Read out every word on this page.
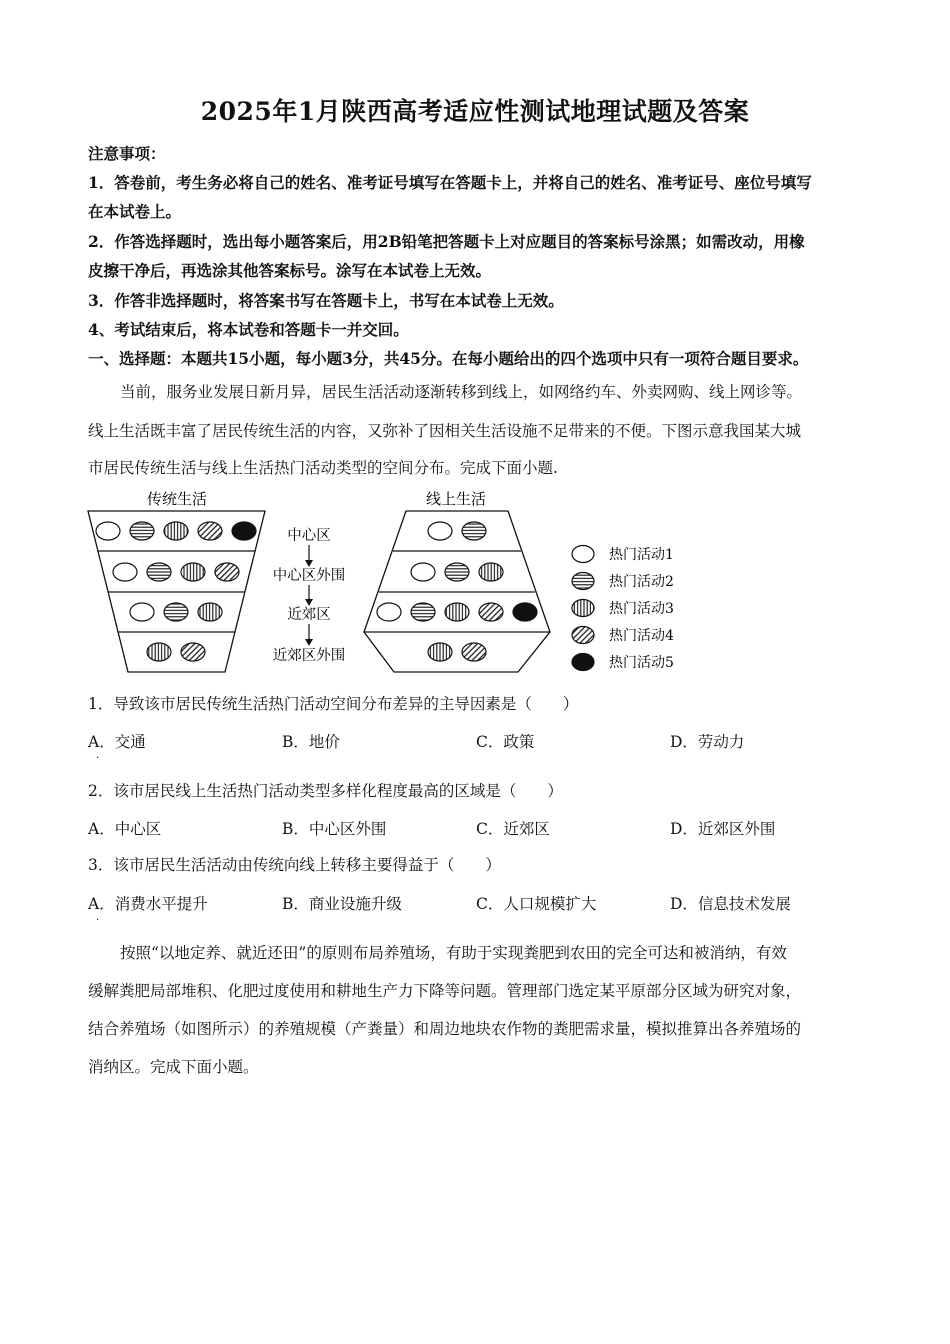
2025年1月陕西高考适应性测试地理试题及答案
注意事项：
1．答卷前，考生务必将自己的姓名、准考证号填写在答题卡上，并将自己的姓名、准考证号、座位号填写
在本试卷上。
2．作答选择题时，选出每小题答案后，用2B铅笔把答题卡上对应题目的答案标号涂黑；如需改动，用橡
皮擦干净后，再选涂其他答案标号。涂写在本试卷上无效。
3．作答非选择题时，将答案书写在答题卡上，书写在本试卷上无效。
4、考试结束后，将本试卷和答题卡一并交回。
一、选择题：本题共15小题，每小题3分，共45分。在每小题给出的四个选项中只有一项符合题目要求。
当前，服务业发展日新月异，居民生活活动逐渐转移到线上，如网络约车、外卖网购、线上网诊等。
线上生活既丰富了居民传统生活的内容，又弥补了因相关生活设施不足带来的不便。下图示意我国某大城
市居民传统生活与线上生活热门活动类型的空间分布。完成下面小题.
传统生活	线上生活
中心区
中心区外围
近郊区
近郊区外围
热门活动1
热门活动2
热门活动3
热门活动4
热门活动5
1．导致该市居民传统生活热门活动空间分布差异的主导因素是（　　）
A．交通	B．地价	C．政策	D．劳动力
·
2．该市居民线上生活热门活动类型多样化程度最高的区域是（　　）
A．中心区	B．中心区外围	C．近郊区	D．近郊区外围
3．该市居民生活活动由传统向线上转移主要得益于（　　）
A．消费水平提升	B．商业设施升级	C．人口规模扩大	D．信息技术发展
·
按照“以地定养、就近还田”的原则布局养殖场，有助于实现粪肥到农田的完全可达和被消纳，有效
缓解粪肥局部堆积、化肥过度使用和耕地生产力下降等问题。管理部门选定某平原部分区域为研究对象，
结合养殖场（如图所示）的养殖规模（产粪量）和周边地块农作物的粪肥需求量，模拟推算出各养殖场的
消纳区。完成下面小题。
